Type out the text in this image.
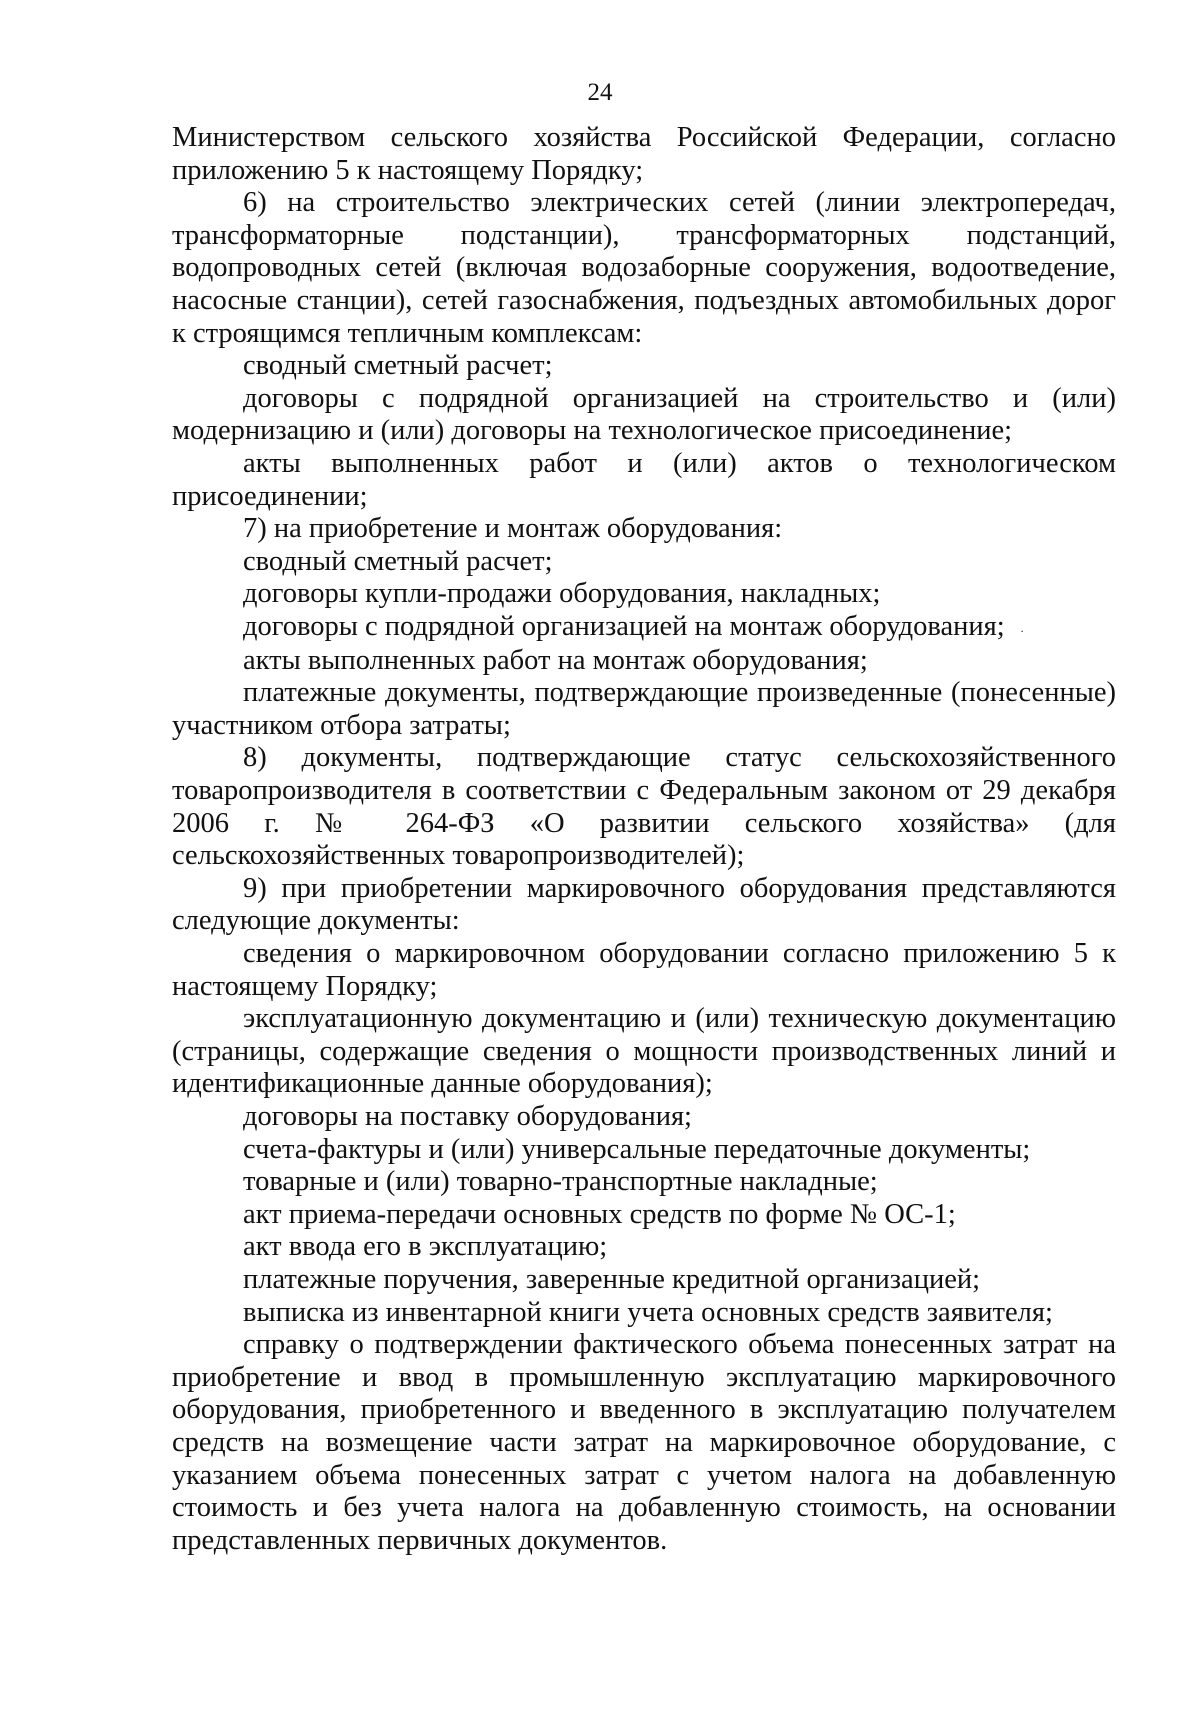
24

Министерством сельского хозяйства Российской Федерации, согласно приложению 5 к настоящему Порядку;

6) на строительство электрических сетей (линии электропередач, трансформаторные подстанции), трансформаторных подстанций, водопроводных сетей (включая водозаборные сооружения, водоотведение, насосные станции), сетей газоснабжения, подъездных автомобильных дорог к строящимся тепличным комплексам:

сводный сметный расчет;

договоры с подрядной организацией на строительство и (или) модернизацию и (или) договоры на технологическое присоединение;

акты выполненных работ и (или) актов о технологическом присоединении;

7) на приобретение и монтаж оборудования:

сводный сметный расчет;

договоры купли-продажи оборудования, накладных;

договоры с подрядной организацией на монтаж оборудования; .

акты выполненных работ на монтаж оборудования;

платежные документы, подтверждающие произведенные (понесенные) участником отбора затраты;

8) документы, подтверждающие статус сельскохозяйственного товаропроизводителя в соответствии с Федеральным законом от 29 декабря 2006 г. № 264-ФЗ «О развитии сельского хозяйства» (для сельскохозяйственных товаропроизводителей);

9) при приобретении маркировочного оборудования представляются следующие документы:

сведения о маркировочном оборудовании согласно приложению 5 к настоящему Порядку;

эксплуатационную документацию и (или) техническую документацию (страницы, содержащие сведения о мощности производственных линий и идентификационные данные оборудования);

договоры на поставку оборудования;

счета-фактуры и (или) универсальные передаточные документы;

товарные и (или) товарно-транспортные накладные;

акт приема-передачи основных средств по форме № ОС-1;

акт ввода его в эксплуатацию;

платежные поручения, заверенные кредитной организацией;

выписка из инвентарной книги учета основных средств заявителя;

справку о подтверждении фактического объема понесенных затрат на приобретение и ввод в промышленную эксплуатацию маркировочного оборудования, приобретенного и введенного в эксплуатацию получателем средств на возмещение части затрат на маркировочное оборудование, с указанием объема понесенных затрат с учетом налога на добавленную стоимость и без учета налога на добавленную стоимость, на основании представленных первичных документов.
